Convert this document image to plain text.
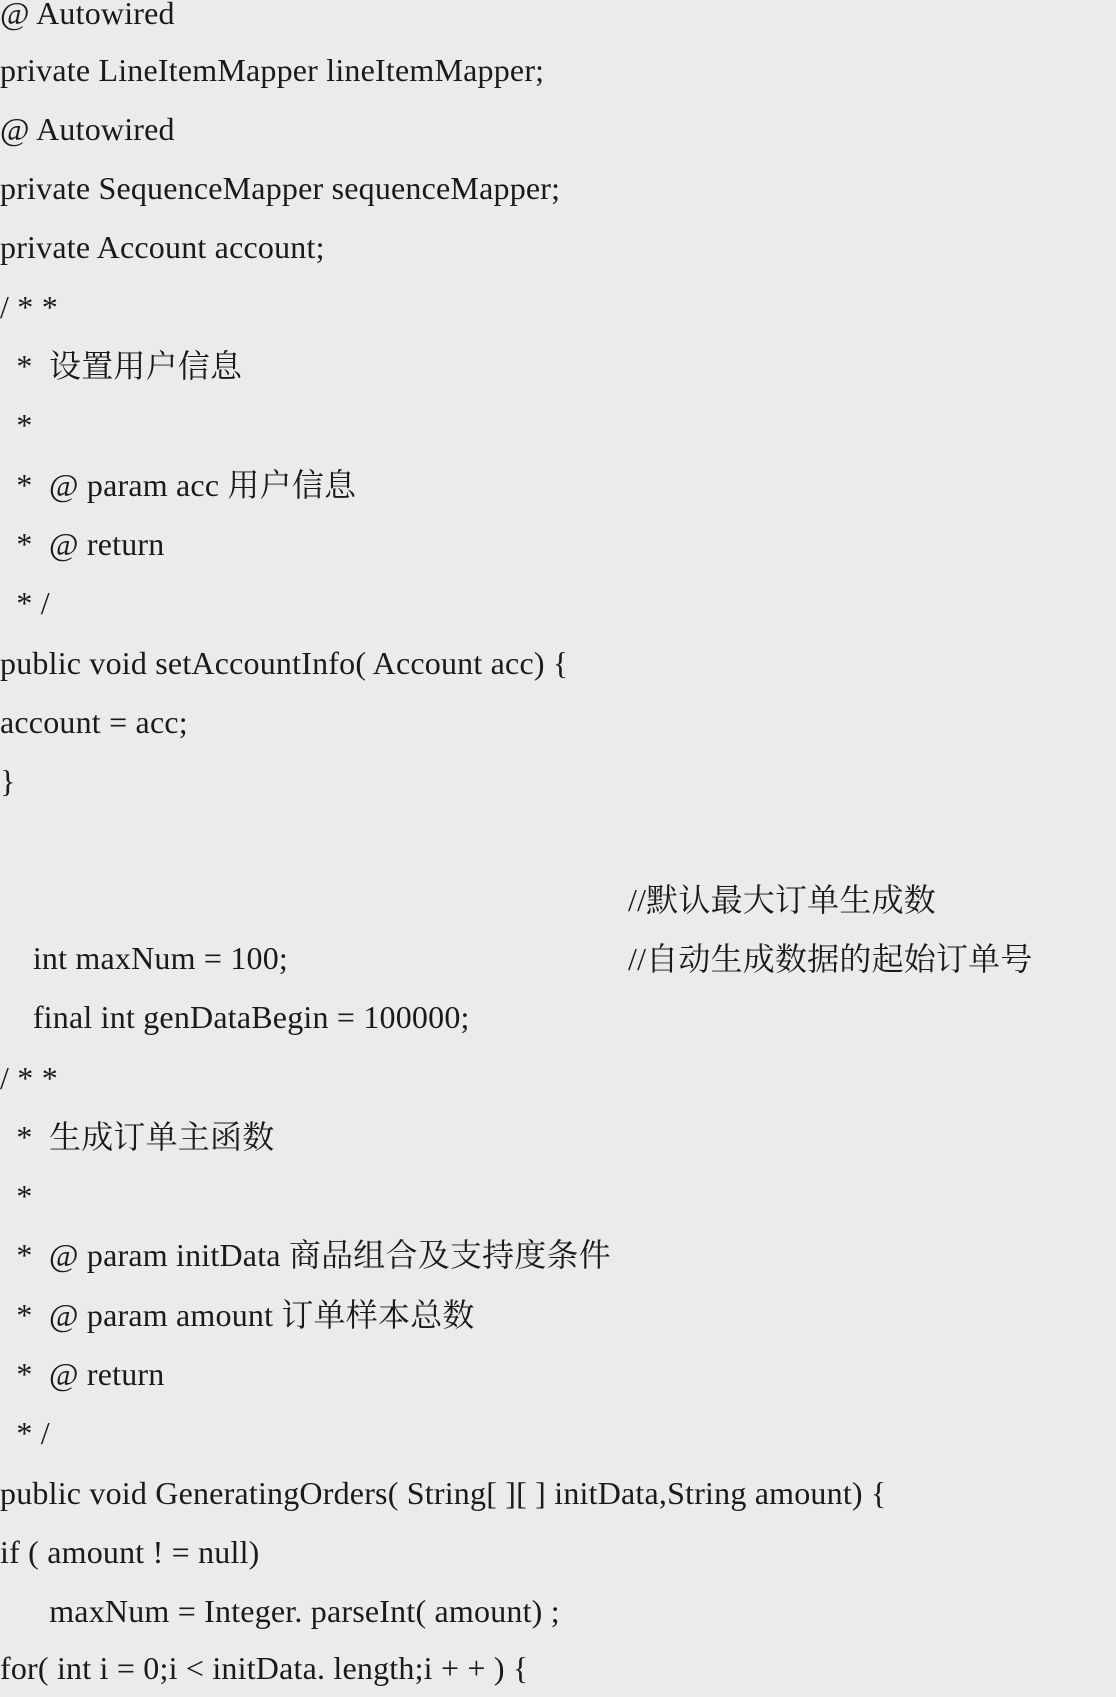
@ Autowired
private LineItemMapper lineItemMapper;
@ Autowired
private SequenceMapper sequenceMapper;
private Account account;
/ * *
*  设置用户信息
*
*  @ param acc 用户信息
*  @ return
* /
public void setAccountInfo( Account acc) {
account = acc;
}

int maxNum = 100;

//默认最大订单生成数

final int genDataBegin = 100000;

//自动生成数据的起始订单号

/ * *
*  生成订单主函数
*
*  @ param initData 商品组合及支持度条件
*  @ param amount 订单样本总数
*  @ return
* /
public void GeneratingOrders( String[ ][ ] initData,String amount) {
if ( amount ! = null)
maxNum = Integer. parseInt( amount) ;
for( int i = 0;i < initData. length;i + + ) {
